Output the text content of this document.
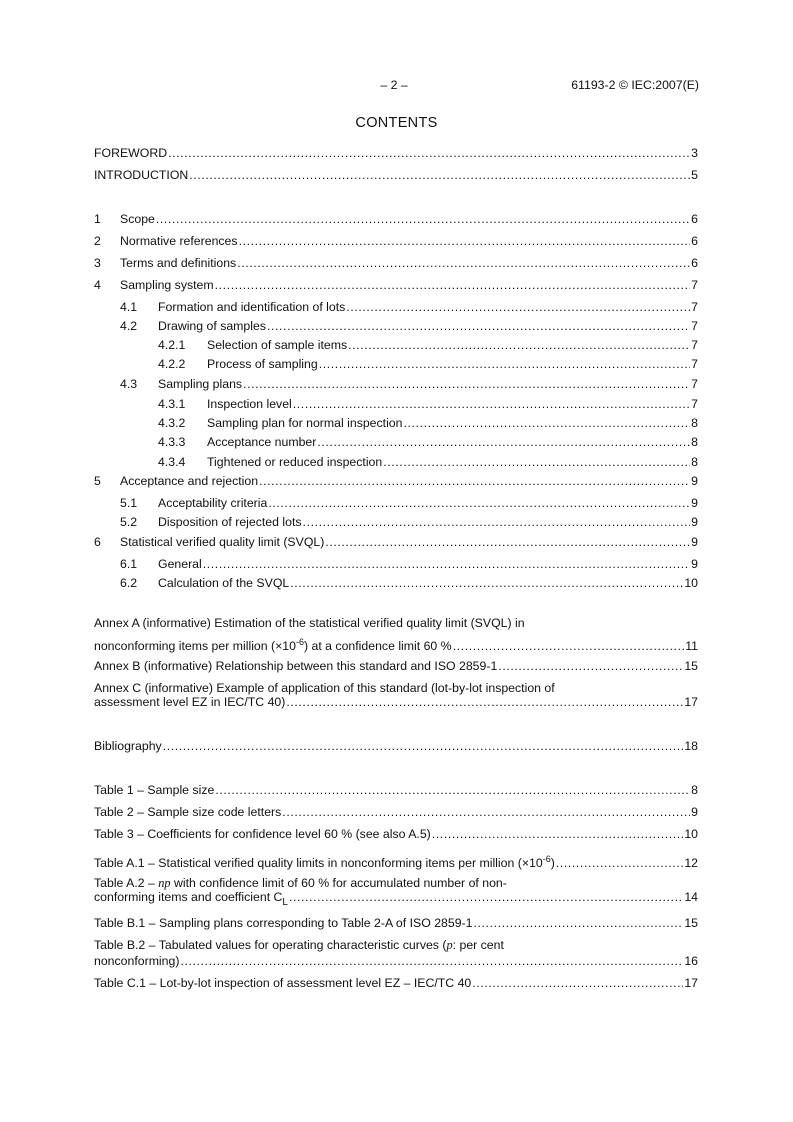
– 2 –	61193-2 © IEC:2007(E)
CONTENTS
FOREWORD .....	3
INTRODUCTION .....	5
1	Scope .....	6
2	Normative references .....	6
3	Terms and definitions .....	6
4	Sampling system .....	7
4.1	Formation and identification of lots .....	7
4.2	Drawing of samples .....	7
4.2.1	Selection of sample items .....	7
4.2.2	Process of sampling .....	7
4.3	Sampling plans .....	7
4.3.1	Inspection level .....	7
4.3.2	Sampling plan for normal inspection .....	8
4.3.3	Acceptance number .....	8
4.3.4	Tightened or reduced inspection .....	8
5	Acceptance and rejection .....	9
5.1	Acceptability criteria .....	9
5.2	Disposition of rejected lots .....	9
6	Statistical verified quality limit (SVQL) .....	9
6.1	General .....	9
6.2	Calculation of the SVQL .....	10
Annex A (informative) Estimation of the statistical verified quality limit (SVQL) in
nonconforming items per million $(\times 10^{-6})$ at a confidence limit 60 % .....	11
Annex B (informative) Relationship between this standard and ISO 2859-1 .....	15
Annex C (informative) Example of application of this standard (lot-by-lot inspection of
assessment level EZ in IEC/TC 40) .....	17
Bibliography .....	18
Table 1 – Sample size .....	8
Table 2 – Sample size code letters .....	9
Table 3 – Coefficients for confidence level 60 % (see also A.5) .....	10
Table A.1 – Statistical verified quality limits in nonconforming items per million $(\times 10^{-6})$ .....	12
Table A.2 – np with confidence limit of 60 % for accumulated number of non-
conforming items and coefficient $C_L$ .....	14
Table B.1 – Sampling plans corresponding to Table 2-A of ISO 2859-1 .....	15
Table B.2 – Tabulated values for operating characteristic curves (p: per cent
nonconforming) .....	16
Table C.1 – Lot-by-lot inspection of assessment level EZ – IEC/TC 40 .....	17
